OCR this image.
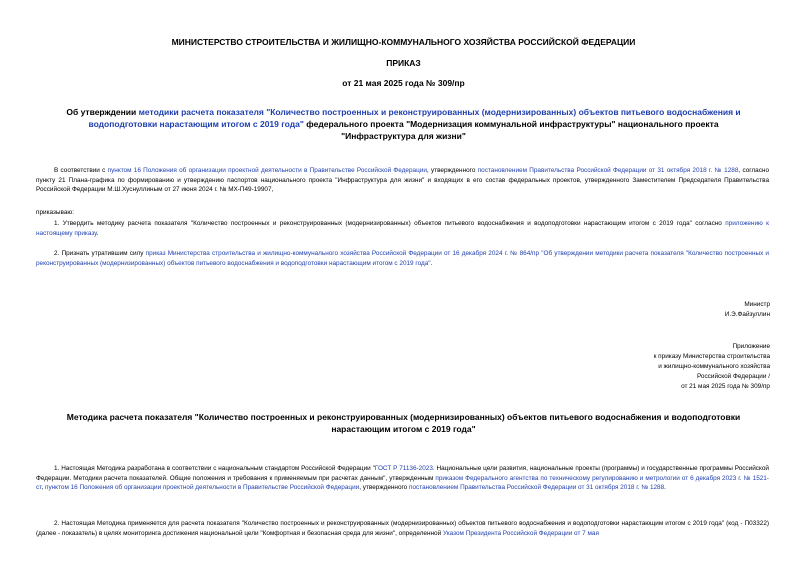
МИНИСТЕРСТВО СТРОИТЕЛЬСТВА И ЖИЛИЩНО-КОММУНАЛЬНОГО ХОЗЯЙСТВА РОССИЙСКОЙ ФЕДЕРАЦИИ
ПРИКАЗ
от 21 мая 2025 года № 309/пр
Об утверждении методики расчета показателя "Количество построенных и реконструированных (модернизированных) объектов питьевого водоснабжения и водоподготовки нарастающим итогом с 2019 года" федерального проекта "Модернизация коммунальной инфраструктуры" национального проекта "Инфраструктура для жизни"
В соответствии с пунктом 16 Положения об организации проектной деятельности в Правительстве Российской Федерации, утвержденного постановлением Правительства Российской Федерации от 31 октября 2018 г. № 1288, согласно пункту 21 Плана-графика по формированию и утверждению паспортов национального проекта "Инфраструктура для жизни" и входящих в его состав федеральных проектов, утвержденного Заместителем Председателя Правительства Российской Федерации М.Ш.Хуснуллиным от 27 июня 2024 г. № МХ-П49-19907,
приказываю:
1. Утвердить методику расчета показателя "Количество построенных и реконструированных (модернизированных) объектов питьевого водоснабжения и водоподготовки нарастающим итогом с 2019 года" согласно приложению к настоящему приказу.
2. Признать утратившим силу приказ Министерства строительства и жилищно-коммунального хозяйства Российской Федерации от 16 декабря 2024 г. № 864/пр "Об утверждении методики расчета показателя "Количество построенных и реконструированных (модернизированных) объектов питьевого водоснабжения и водоподготовки нарастающим итогом с 2019 года".
Министр
И.Э.Файзуллин
Приложение
к приказу Министерства строительства
и жилищно-коммунального хозяйства
Российской Федерации /
от 21 мая 2025 года № 309/пр
Методика расчета показателя "Количество построенных и реконструированных (модернизированных) объектов питьевого водоснабжения и водоподготовки
нарастающим итогом с 2019 года"
1. Настоящая Методика разработана в соответствии с национальным стандартом Российской Федерации "ГОСТ Р 71136-2023. Национальные цели развития, национальные проекты (программы) и государственные программы Российской Федерации. Методики расчета показателей. Общие положения и требования к применяемым при расчетах данным", утвержденным приказом Федерального агентства по техническому регулированию и метрологии от 6 декабря 2023 г. № 1521-ст, пунктом 16 Положения об организации проектной деятельности в Правительстве Российской Федерации, утвержденного постановлением Правительства Российской Федерации от 31 октября 2018 г. № 1288.
2. Настоящая Методика применяется для расчета показателя "Количество построенных и реконструированных (модернизированных) объектов питьевого водоснабжения и водоподготовки нарастающим итогом с 2019 года" (код - П03322) (далее - показатель) в целях мониторинга достижения национальной цели "Комфортная и безопасная среда для жизни", определенной Указом Президента Российской Федерации от 7 мая
